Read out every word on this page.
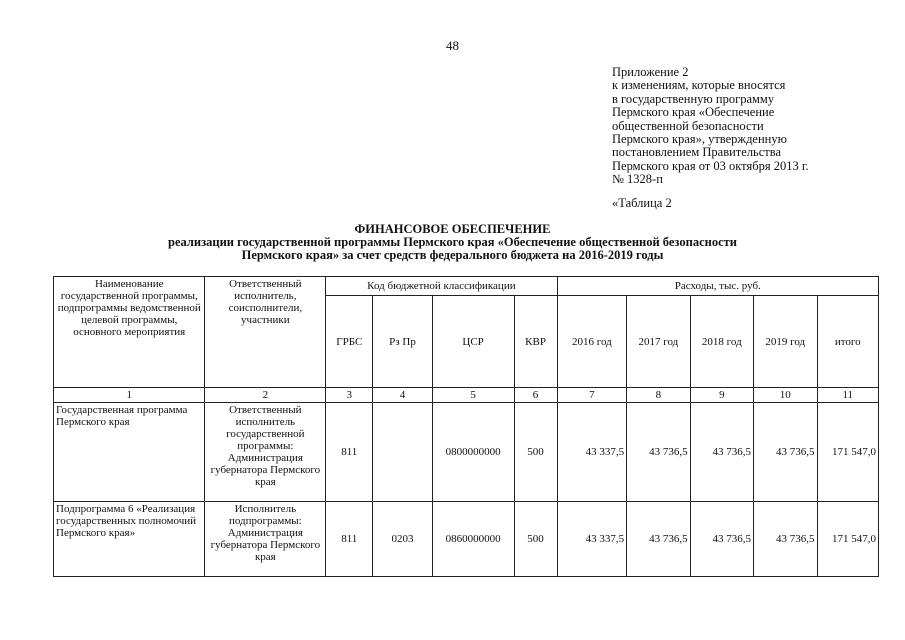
48
Приложение 2
к изменениям, которые вносятся
в государственную программу
Пермского края «Обеспечение
общественной безопасности
Пермского края», утвержденную
постановлением Правительства
Пермского края от 03 октября 2013 г.
№ 1328-п
«Таблица 2
ФИНАНСОВОЕ ОБЕСПЕЧЕНИЕ
реализации государственной программы Пермского края «Обеспечение общественной безопасности
Пермского края» за счет средств федерального бюджета на 2016-2019 годы
Наименование государственной программы, подпрограммы ведомственной целевой программы, основного мероприятия	Ответственный исполнитель, соисполнители, участники	Код бюджетной классификации				Расходы, тыс. руб.				
		ГРБС	Рз Пр	ЦСР	КВР	2016 год	2017 год	2018 год	2019 год	итого
1	2	3	4	5	6	7	8	9	10	11
Государственная программа Пермского края	Ответственный исполнитель государственной программы: Администрация губернатора Пермского края	811		0800000000	500	43 337,5	43 736,5	43 736,5	43 736,5	171 547,0
Подпрограмма 6 «Реализация государственных полномочий Пермского края»	Исполнитель подпрограммы: Администрация губернатора Пермского края	811	0203	0860000000	500	43 337,5	43 736,5	43 736,5	43 736,5	171 547,0
